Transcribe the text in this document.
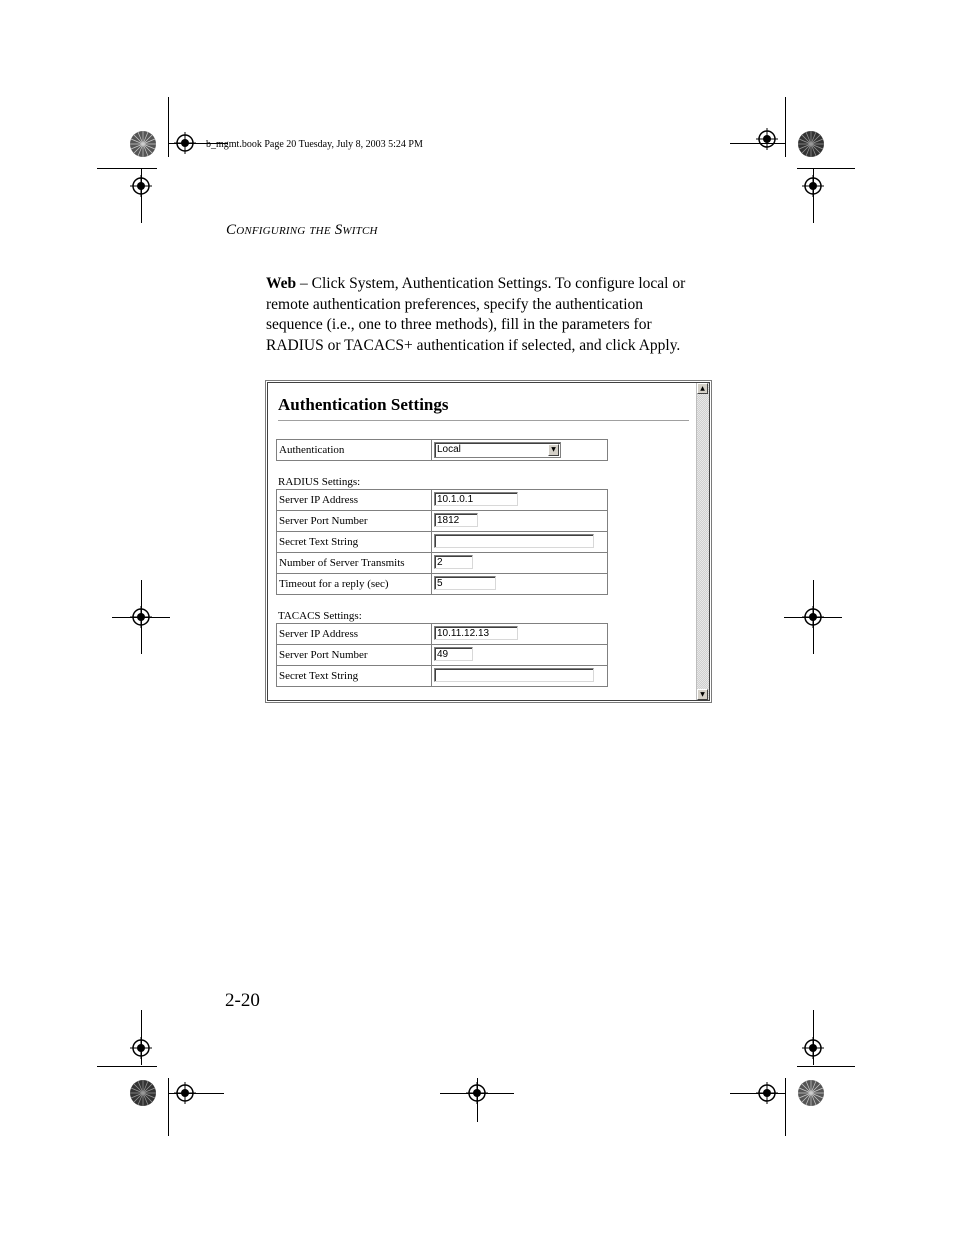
b_mgmt.book Page 20 Tuesday, July 8, 2003 5:24 PM
Configuring the Switch
Web – Click System, Authentication Settings. To configure local or
remote authentication preferences, specify the authentication
sequence (i.e., one to three methods), fill in the parameters for
RADIUS or TACACS+ authentication if selected, and click Apply.
▲
▼
Authentication Settings
Authentication	Local	▼
RADIUS Settings:
Server IP Address	10.1.0.1
Server Port Number	1812
Secret Text String	
Number of Server Transmits	2
Timeout for a reply (sec)	5
TACACS Settings:
Server IP Address	10.11.12.13
Server Port Number	49
Secret Text String	
2-20
